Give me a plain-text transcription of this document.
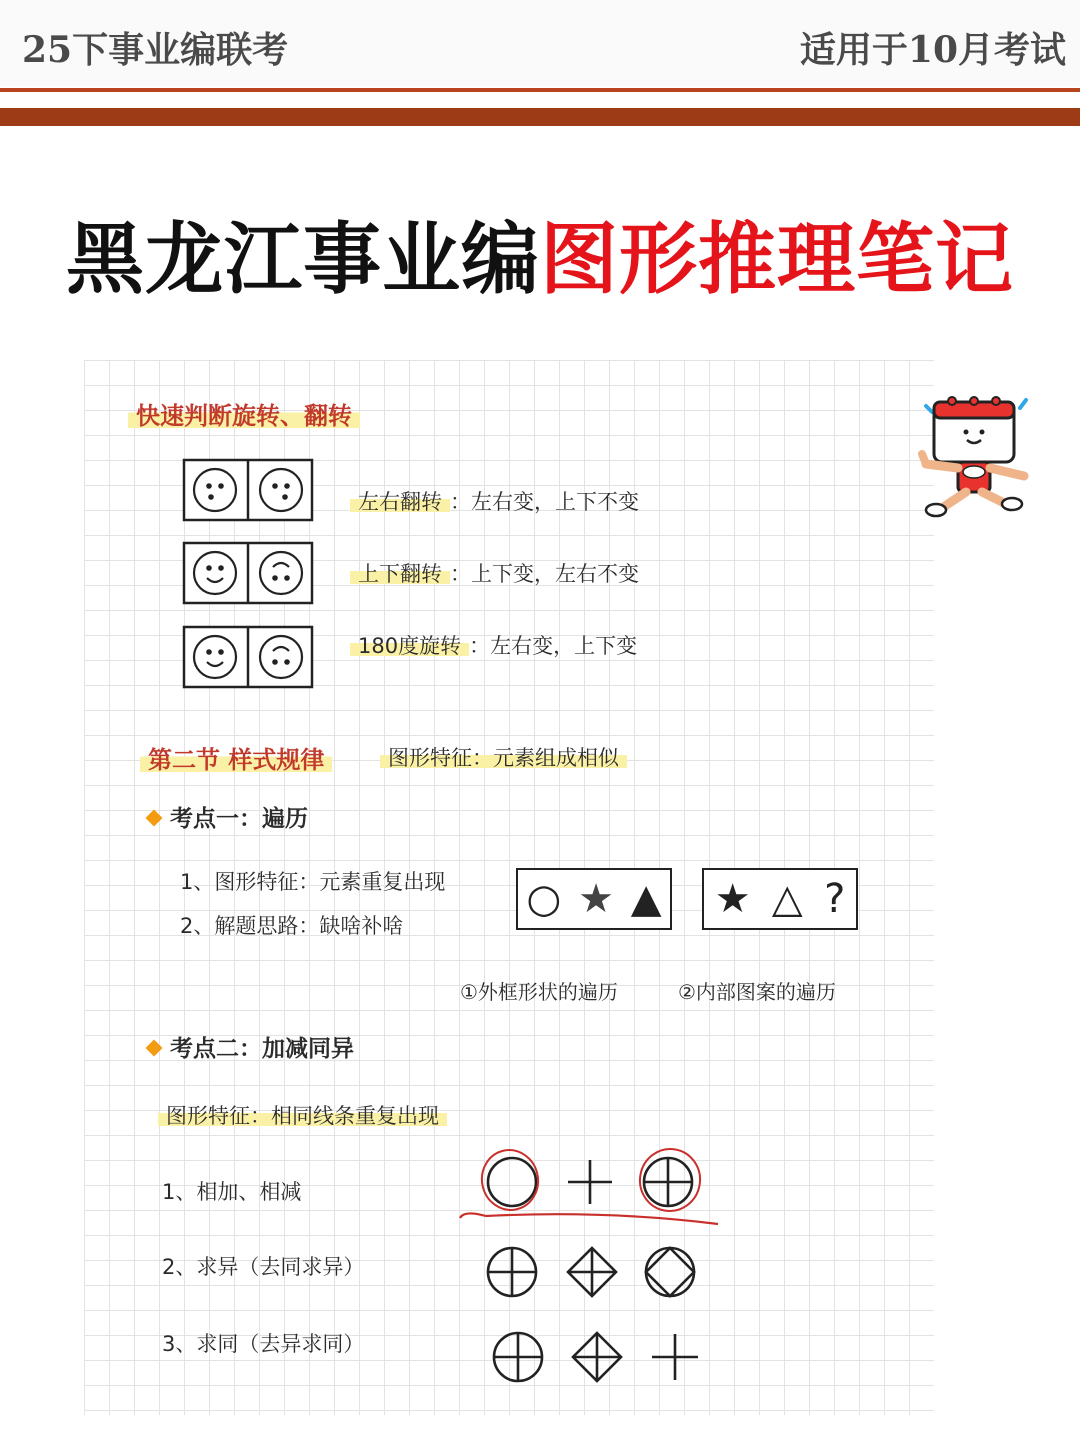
25下事业编联考	适用于10月考试
黑龙江事业编图形推理笔记
快速判断旋转、翻转
左右翻转 ：左右变，上下不变
上下翻转 ：上下变，左右不变
180度旋转 ：左右变，上下变
第二节 样式规律	图形特征：元素组成相似
考点一：遍历
1、图形特征：元素重复出现
2、解题思路：缺啥补啥
○ ★ ▲ ★ △ ?
①外框形状的遍历	②内部图案的遍历
考点二：加减同异
图形特征：相同线条重复出现
1、相加、相减
2、求异（去同求异）
3、求同（去异求同）
